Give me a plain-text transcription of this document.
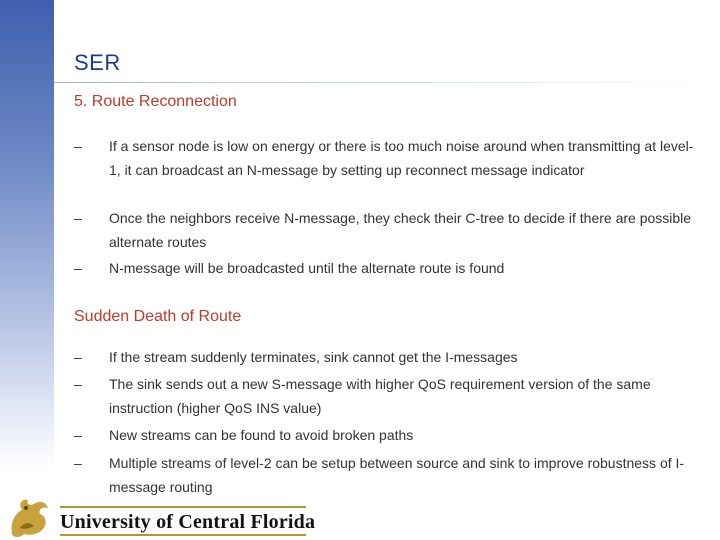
SER
5. Route Reconnection
–	If a sensor node is low on energy or there is too much noise around when transmitting at level-1, it can broadcast an N-message by setting up reconnect message indicator
–	Once the neighbors receive N-message, they check their C-tree to decide if there are possible alternate routes
–	N-message will be broadcasted until the alternate route is found
Sudden Death of Route
–	If the stream suddenly terminates, sink cannot get the I-messages
–	The sink sends out a new S-message with higher QoS requirement version of the same instruction (higher QoS INS value)
–	New streams can be found to avoid broken paths
–	Multiple streams of level-2 can be setup between source and sink to improve robustness of I-message routing
University of Central Florida
